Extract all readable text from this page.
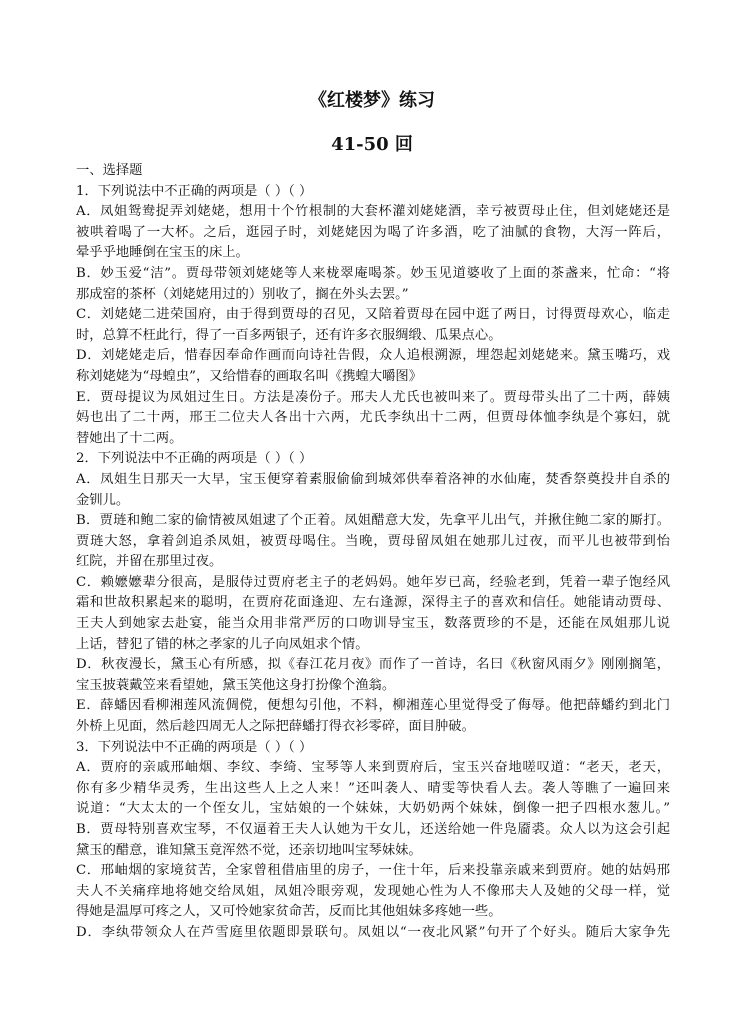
《红楼梦》练习
41-50 回
一、选择题
1．下列说法中不正确的两项是（ ）（ ）
A．凤姐鸳鸯捉弄刘姥姥，想用十个竹根制的大套杯灌刘姥姥酒，幸亏被贾母止住，但刘姥姥还是
被哄着喝了一大杯。之后，逛园子时，刘姥姥因为喝了许多酒，吃了油腻的食物，大泻一阵后，
晕乎乎地睡倒在宝玉的床上。
B．妙玉爱“洁”。贾母带领刘姥姥等人来栊翠庵喝茶。妙玉见道婆收了上面的茶盏来，忙命：“将
那成窑的茶杯（刘姥姥用过的）别收了，搁在外头去罢。”
C．刘姥姥二进荣国府，由于得到贾母的召见，又陪着贾母在园中逛了两日，讨得贾母欢心，临走
时，总算不枉此行，得了一百多两银子，还有许多衣服绸缎、瓜果点心。
D．刘姥姥走后，惜春因奉命作画而向诗社告假，众人追根溯源，埋怨起刘姥姥来。黛玉嘴巧，戏
称刘姥姥为“母蝗虫”，又给惜春的画取名叫《携蝗大嚼图》
E．贾母提议为凤姐过生日。方法是凑份子。邢夫人尤氏也被叫来了。贾母带头出了二十两，薛姨
妈也出了二十两，邢王二位夫人各出十六两，尤氏李纨出十二两，但贾母体恤李纨是个寡妇，就
替她出了十二两。
2．下列说法中不正确的两项是（ ）（ ）
A．凤姐生日那天一大早，宝玉便穿着素服偷偷到城郊供奉着洛神的水仙庵，焚香祭奠投井自杀的
金钏儿。
B．贾琏和鲍二家的偷情被凤姐逮了个正着。凤姐醋意大发，先拿平儿出气，并揪住鲍二家的厮打。
贾琏大怒，拿着剑追杀凤姐，被贾母喝住。当晚，贾母留凤姐在她那儿过夜，而平儿也被带到怡
红院，并留在那里过夜。
C．赖嬷嬷辈分很高，是服侍过贾府老主子的老妈妈。她年岁已高，经验老到，凭着一辈子饱经风
霜和世故积累起来的聪明，在贾府花面逢迎、左右逢源，深得主子的喜欢和信任。她能请动贾母、
王夫人到她家去赴宴，能当众用非常严厉的口吻训导宝玉，数落贾珍的不是，还能在凤姐那儿说
上话，替犯了错的林之孝家的儿子向凤姐求个情。
D．秋夜漫长，黛玉心有所感，拟《春江花月夜》而作了一首诗，名曰《秋窗风雨夕》刚刚搁笔，
宝玉披蓑戴笠来看望她，黛玉笑他这身打扮像个渔翁。
E．薛蟠因看柳湘莲风流倜傥，便想勾引他，不料，柳湘莲心里觉得受了侮辱。他把薛蟠约到北门
外桥上见面，然后趁四周无人之际把薛蟠打得衣衫零碎，面目肿破。
3．下列说法中不正确的两项是（ ）（ ）
A．贾府的亲戚邢岫烟、李纹、李绮、宝琴等人来到贾府后，宝玉兴奋地嗟叹道：“老天，老天，
你有多少精华灵秀，生出这些人上之人来！”还叫袭人、晴雯等快看人去。袭人等瞧了一遍回来
说道：“大太太的一个侄女儿，宝姑娘的一个妹妹，大奶奶两个妹妹，倒像一把子四根水葱儿。”
B．贾母特别喜欢宝琴，不仅逼着王夫人认她为干女儿，还送给她一件凫靥裘。众人以为这会引起
黛玉的醋意，谁知黛玉竟浑然不觉，还亲切地叫宝琴妹妹。
C．邢岫烟的家境贫苦，全家曾租借庙里的房子，一住十年，后来投靠亲戚来到贾府。她的姑妈邢
夫人不关痛痒地将她交给凤姐，凤姐冷眼旁观，发现她心性为人不像邢夫人及她的父母一样，觉
得她是温厚可疼之人，又可怜她家贫命苦，反而比其他姐妹多疼她一些。
D．李纨带领众人在芦雪庭里依题即景联句。凤姐以“一夜北风紧”句开了个好头。随后大家争先
